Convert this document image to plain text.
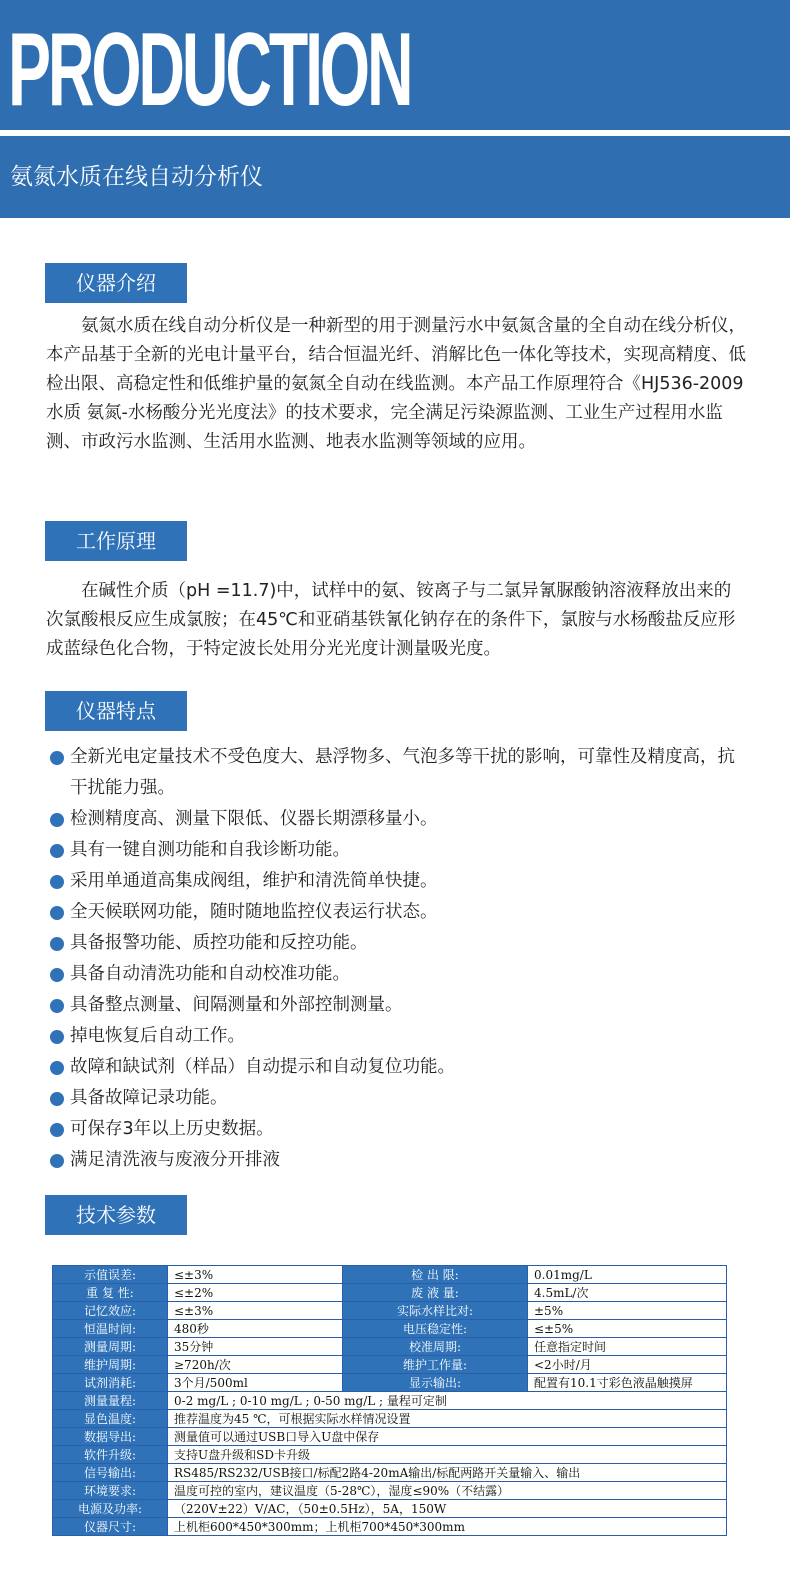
PRODUCTION
氨氮水质在线自动分析仪
仪器介绍

　　氨氮水质在线自动分析仪是一种新型的用于测量污水中氨氮含量的全自动在线分析仪，本产品基于全新的光电计量平台，结合恒温光纤、消解比色一体化等技术，实现高精度、低检出限、高稳定性和低维护量的氨氮全自动在线监测。本产品工作原理符合《HJ536-2009水质 氨氮-水杨酸分光光度法》的技术要求，完全满足污染源监测、工业生产过程用水监测、市政污水监测、生活用水监测、地表水监测等领域的应用。

工作原理

　　在碱性介质（pH =11.7)中，试样中的氨、铵离子与二氯异氰脲酸钠溶液释放出来的次氯酸根反应生成氯胺；在45℃和亚硝基铁氰化钠存在的条件下，氯胺与水杨酸盐反应形成蓝绿色化合物，于特定波长处用分光光度计测量吸光度。

仪器特点
全新光电定量技术不受色度大、悬浮物多、气泡多等干扰的影响，可靠性及精度高，抗干扰能力强。
检测精度高、测量下限低、仪器长期漂移量小。
具有一键自测功能和自我诊断功能。
采用单通道高集成阀组，维护和清洗简单快捷。
全天候联网功能，随时随地监控仪表运行状态。
具备报警功能、质控功能和反控功能。
具备自动清洗功能和自动校准功能。
具备整点测量、间隔测量和外部控制测量。
掉电恢复后自动工作。
故障和缺试剂（样品）自动提示和自动复位功能。
具备故障记录功能。
可保存3年以上历史数据。
满足清洗液与废液分开排液
技术参数
示值误差:	≤±3%	检 出 限:	0.01mg/L
重 复 性:	≤±2%	废 液 量:	4.5mL/次
记忆效应:	≤±3%	实际水样比对:	±5%
恒温时间:	480秒	电压稳定性:	≤±5%
测量周期:	35分钟	校准周期:	任意指定时间
维护周期:	≥720h/次	维护工作量:	<2小时/月
试剂消耗:	3个月/500ml	显示输出:	配置有10.1寸彩色液晶触摸屏
测量量程:	0-2 mg/L ; 0-10 mg/L ; 0-50 mg/L ; 量程可定制		
显色温度:	推荐温度为45 ℃，可根据实际水样情况设置		
数据导出:	测量值可以通过USB口导入U盘中保存		
软件升级:	支持U盘升级和SD卡升级		
信号输出:	RS485/RS232/USB接口/标配2路4-20mA输出/标配两路开关量输入、输出		
环境要求:	温度可控的室内，建议温度（5-28℃），湿度≤90%（不结露）		
电源及功率:	（220V±22）V/AC，（50±0.5Hz），5A，150W		
仪器尺寸:	上机柜600*450*300mm；上机柜700*450*300mm		
